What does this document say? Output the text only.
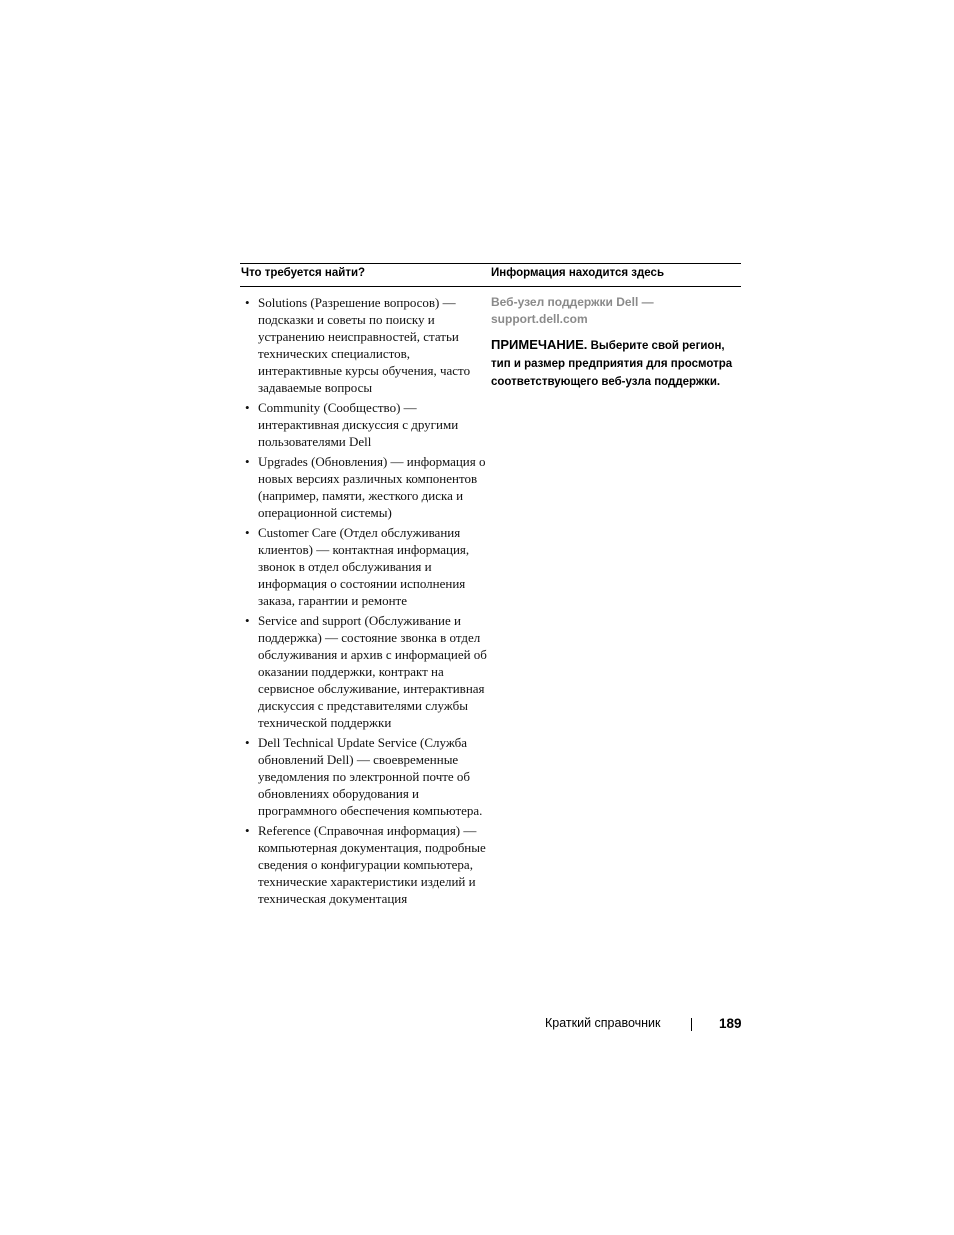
Что требуется найти?	Информация находится здесь
• Solutions (Разрешение вопросов) — подсказки и советы по поиску и устранению неисправностей, статьи технических специалистов, интерактивные курсы обучения, часто задаваемые вопросы
• Community (Сообщество) — интерактивная дискуссия с другими пользователями Dell
• Upgrades (Обновления) — информация о новых версиях различных компонентов (например, памяти, жесткого диска и операционной системы)
• Customer Care (Отдел обслуживания клиентов) — контактная информация, звонок в отдел обслуживания и информация о состоянии исполнения заказа, гарантии и ремонте
• Service and support (Обслуживание и поддержка) — состояние звонка в отдел обслуживания и архив с информацией об оказании поддержки, контракт на сервисное обслуживание, интерактивная дискуссия с представителями службы технической поддержки
• Dell Technical Update Service (Служба обновлений Dell) — своевременные уведомления по электронной почте об обновлениях оборудования и программного обеспечения компьютера.
• Reference (Справочная информация) — компьютерная документация, подробные сведения о конфигурации компьютера, технические характеристики изделий и техническая документация
Веб-узел поддержки Dell —
support.dell.com
ПРИМЕЧАНИЕ. Выберите свой регион, тип и размер предприятия для просмотра соответствующего веб-узла поддержки.
Краткий справочник	189
